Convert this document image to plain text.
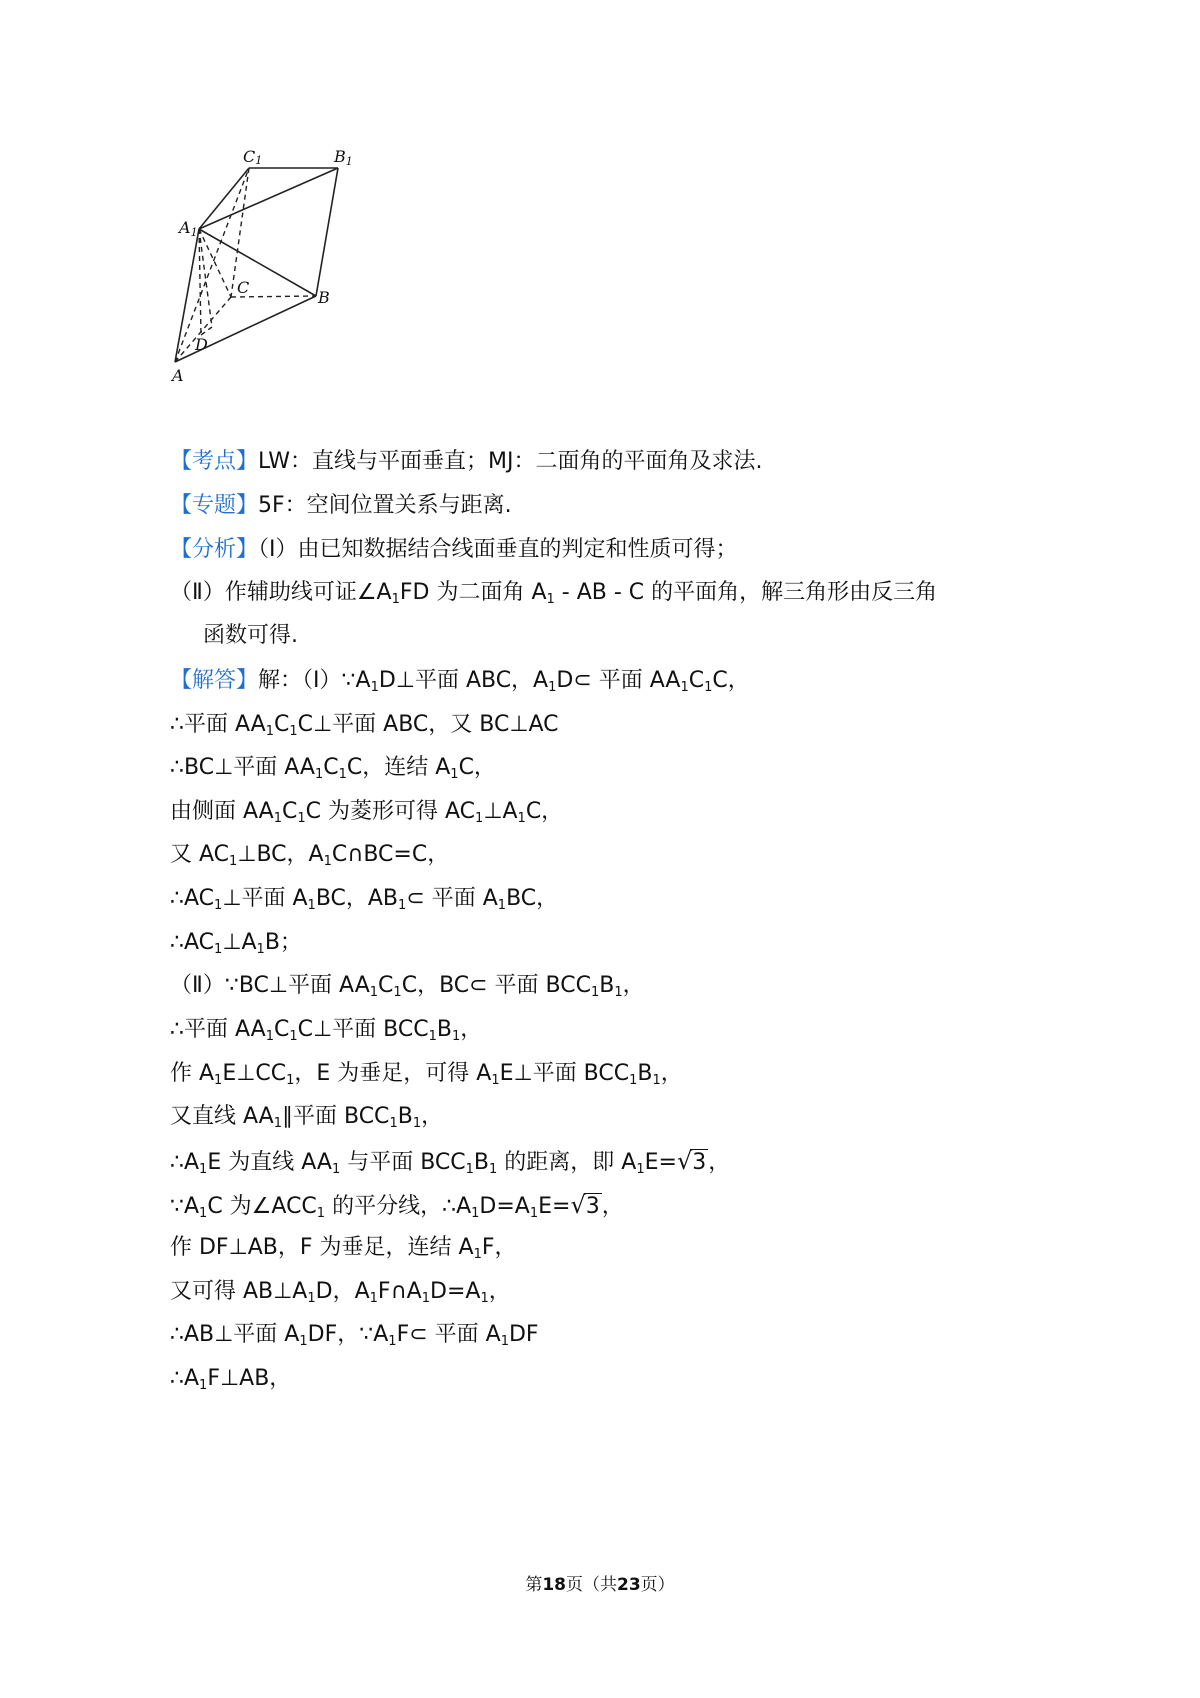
C1	B1
A1
C
B
D
A
【考点】LW：直线与平面垂直；MJ：二面角的平面角及求法.
【专题】5F：空间位置关系与距离.
【分析】（Ⅰ）由已知数据结合线面垂直的判定和性质可得；
（Ⅱ）作辅助线可证$\angle A_1FD$ 为二面角 $A_1$ - AB - C 的平面角，解三角形由反三角
函数可得.
【解答】解：$(Ⅰ)\because A_1D\perp$平面 ABC，$A_1D\subset$ 平面 $AA_1C_1C$，
∴平面 $AA_1C_1C\perp$平面 ABC，又 BC⊥AC
∴BC⊥平面 $AA_1C_1C$，连结 $A_1C$，
由侧面 $AA_1C_1C$ 为菱形可得 $AC_1\perp A_1C$，
又 $AC_1\perp BC$，$A_1C\cap BC=C$，
$\therefore AC_1\perp$平面 $A_1BC$，$AB_1\subset$ 平面 $A_1BC$，
$\therefore AC_1\perp A_1B$；
（Ⅱ）∵BC⊥平面 $AA_1C_1C$，BC⊂ 平面 $BCC_1B_1$，
∴平面 $AA_1C_1C\perp$平面 $BCC_1B_1$，
作 $A_1E\perp CC_1$，E 为垂足，可得 $A_1E\perp$平面 $BCC_1B_1$，
又直线 $AA_1\parallel$平面 $BCC_1B_1$，
$\therefore A_1E$ 为直线 $AA_1$ 与平面 $BCC_1B_1$ 的距离，即 $A_1E=√3$，
$\because A_1C$ 为$\angle ACC_1$ 的平分线，$\therefore A_1D=A_1E=√3$，
作 DF⊥AB，F 为垂足，连结 $A_1F$，
又可得 $AB\perp A_1D$，$A_1F\cap A_1D=A_1$，
∴AB⊥平面 $A_1DF$，$\because A_1F\subset$ 平面 $A_1DF$
$\therefore A_1F\perp AB$，
第18页（共23页）
